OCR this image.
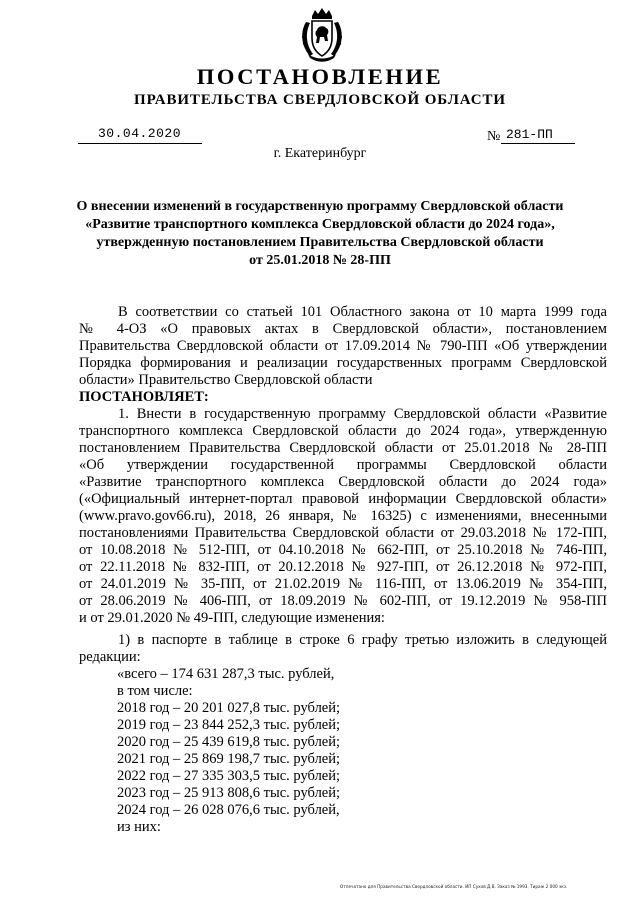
ПОСТАНОВЛЕНИЕ
ПРАВИТЕЛЬСТВА СВЕРДЛОВСКОЙ ОБЛАСТИ
30.04.2020	№ 281-ПП
г. Екатеринбург
О внесении изменений в государственную программу Свердловской области
«Развитие транспортного комплекса Свердловской области до 2024 года»,
утвержденную постановлением Правительства Свердловской области
от 25.01.2018 № 28-ПП
В соответствии со статьей 101 Областного закона от 10 марта 1999 года
№ 4-ОЗ «О правовых актах в Свердловской области», постановлением
Правительства Свердловской области от 17.09.2014 № 790-ПП «Об утверждении
Порядка формирования и реализации государственных программ Свердловской
области» Правительство Свердловской области
ПОСТАНОВЛЯЕТ:
1. Внести в государственную программу Свердловской области «Развитие
транспортного комплекса Свердловской области до 2024 года», утвержденную
постановлением Правительства Свердловской области от 25.01.2018 № 28-ПП
«Об утверждении государственной программы Свердловской области
«Развитие транспортного комплекса Свердловской области до 2024 года»
(«Официальный интернет-портал правовой информации Свердловской области»
(www.pravo.gov66.ru), 2018, 26 января, № 16325) с изменениями, внесенными
постановлениями Правительства Свердловской области от 29.03.2018 № 172-ПП,
от 10.08.2018 № 512-ПП, от 04.10.2018 № 662-ПП, от 25.10.2018 № 746-ПП,
от 22.11.2018 № 832-ПП, от 20.12.2018 № 927-ПП, от 26.12.2018 № 972-ПП,
от 24.01.2019 № 35-ПП, от 21.02.2019 № 116-ПП, от 13.06.2019 № 354-ПП,
от 28.06.2019 № 406-ПП, от 18.09.2019 № 602-ПП, от 19.12.2019 № 958-ПП
и от 29.01.2020 № 49-ПП, следующие изменения:
1) в паспорте в таблице в строке 6 графу третью изложить в следующей
редакции:
«всего – 174 631 287,3 тыс. рублей,
в том числе:
2018 год – 20 201 027,8 тыс. рублей;
2019 год – 23 844 252,3 тыс. рублей;
2020 год – 25 439 619,8 тыс. рублей;
2021 год – 25 869 198,7 тыс. рублей;
2022 год – 27 335 303,5 тыс. рублей;
2023 год – 25 913 808,6 тыс. рублей;
2024 год – 26 028 076,6 тыс. рублей,
из них:
Отпечатано для Правительства Свердловской области. ИП Сухов Д.В. Заказ № 1993. Тираж 2 000 экз.
